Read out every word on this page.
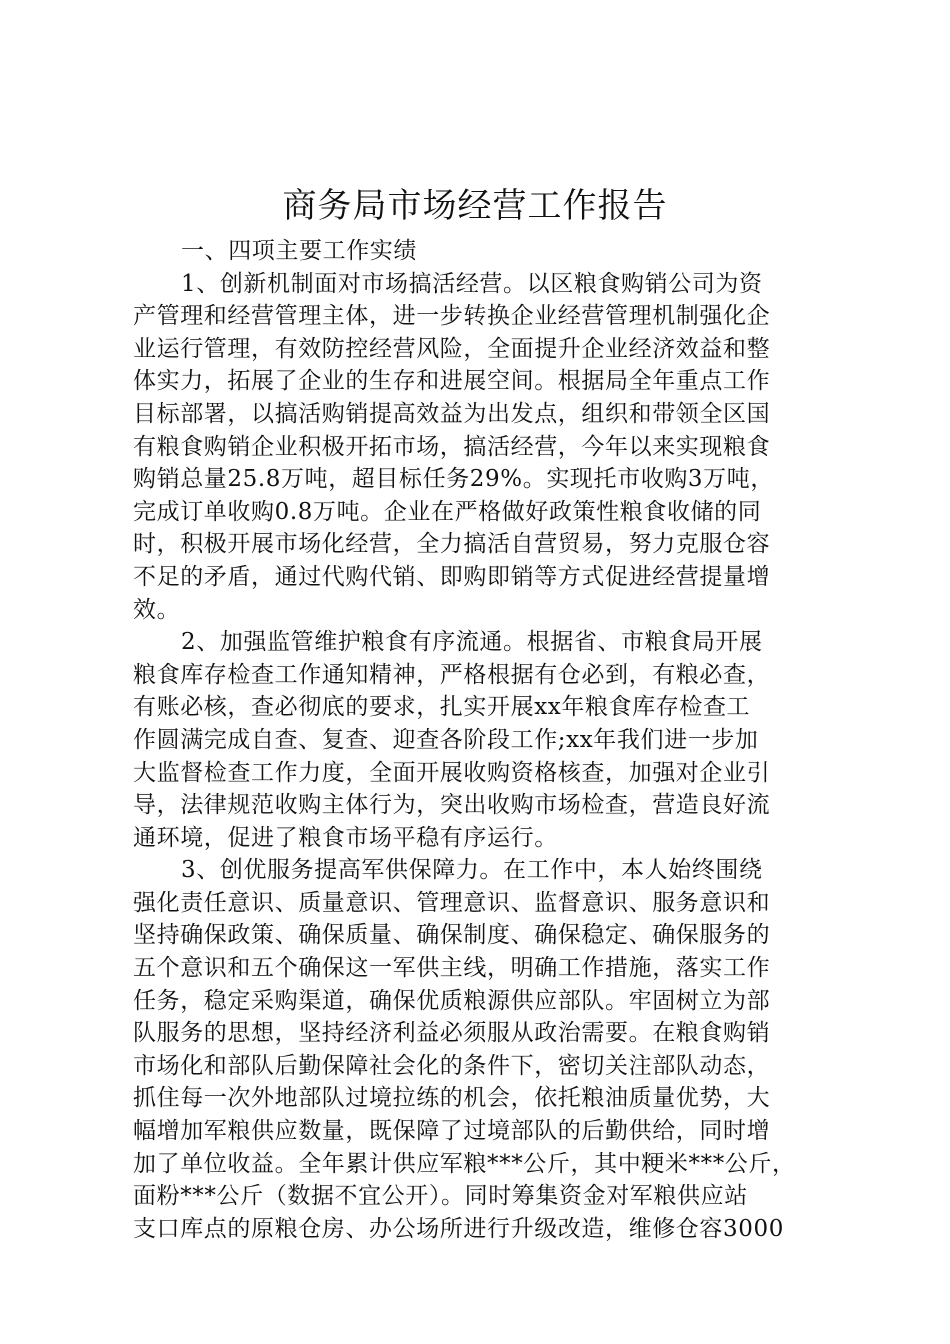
商务局市场经营工作报告
一、四项主要工作实绩
1、创新机制面对市场搞活经营。以区粮食购销公司为资
产管理和经营管理主体，进一步转换企业经营管理机制强化企
业运行管理，有效防控经营风险，全面提升企业经济效益和整
体实力，拓展了企业的生存和进展空间。根据局全年重点工作
目标部署，以搞活购销提高效益为出发点，组织和带领全区国
有粮食购销企业积极开拓市场，搞活经营，今年以来实现粮食
购销总量25.8万吨，超目标任务29%。实现托市收购3万吨，
完成订单收购0.8万吨。企业在严格做好政策性粮食收储的同
时，积极开展市场化经营，全力搞活自营贸易，努力克服仓容
不足的矛盾，通过代购代销、即购即销等方式促进经营提量增
效。
2、加强监管维护粮食有序流通。根据省、市粮食局开展
粮食库存检查工作通知精神，严格根据有仓必到，有粮必查，
有账必核，查必彻底的要求，扎实开展xx年粮食库存检查工
作圆满完成自查、复查、迎查各阶段工作;xx年我们进一步加
大监督检查工作力度，全面开展收购资格核查，加强对企业引
导，法律规范收购主体行为，突出收购市场检查，营造良好流
通环境，促进了粮食市场平稳有序运行。
3、创优服务提高军供保障力。在工作中，本人始终围绕
强化责任意识、质量意识、管理意识、监督意识、服务意识和
坚持确保政策、确保质量、确保制度、确保稳定、确保服务的
五个意识和五个确保这一军供主线，明确工作措施，落实工作
任务，稳定采购渠道，确保优质粮源供应部队。牢固树立为部
队服务的思想，坚持经济利益必须服从政治需要。在粮食购销
市场化和部队后勤保障社会化的条件下，密切关注部队动态，
抓住每一次外地部队过境拉练的机会，依托粮油质量优势，大
幅增加军粮供应数量，既保障了过境部队的后勤供给，同时增
加了单位收益。全年累计供应军粮***公斤，其中粳米***公斤，
面粉***公斤（数据不宜公开）。同时筹集资金对军粮供应站
支口库点的原粮仓房、办公场所进行升级改造，维修仓容3000
